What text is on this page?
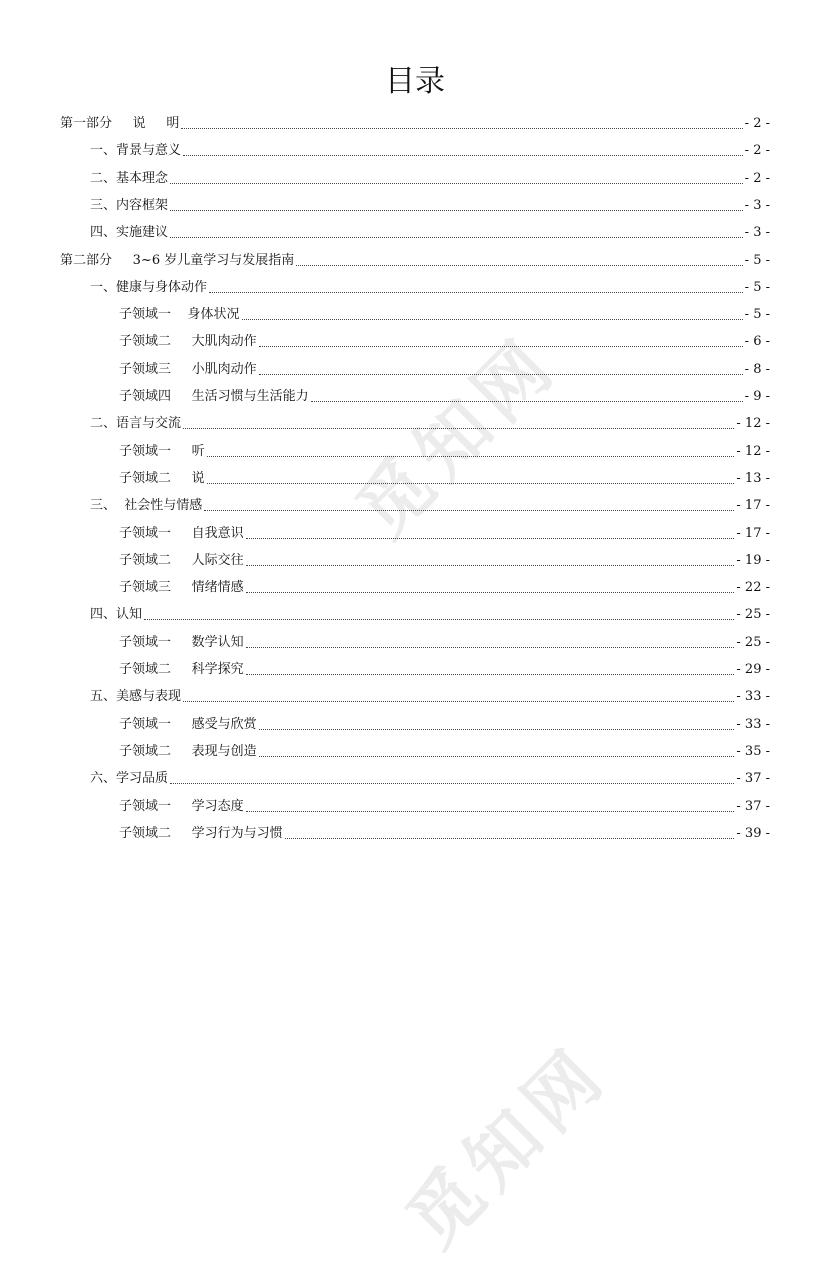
觅知网
觅知网
目录
第一部分     说     明	- 2 -
一、背景与意义	- 2 -
二、基本理念	- 2 -
三、内容框架	- 3 -
四、实施建议	- 3 -
第二部分     3~6 岁儿童学习与发展指南	- 5 -
一、健康与身体动作	- 5 -
子领域一    身体状况	- 5 -
子领域二     大肌肉动作	- 6 -
子领域三     小肌肉动作	- 8 -
子领域四     生活习惯与生活能力	- 9 -
二、语言与交流	- 12 -
子领域一     听	- 12 -
子领域二     说	- 13 -
三、  社会性与情感	- 17 -
子领域一     自我意识	- 17 -
子领域二     人际交往	- 19 -
子领域三     情绪情感	- 22 -
四、认知	- 25 -
子领域一     数学认知	- 25 -
子领域二     科学探究	- 29 -
五、美感与表现	- 33 -
子领域一     感受与欣赏	- 33 -
子领域二     表现与创造	- 35 -
六、学习品质	- 37 -
子领域一     学习态度	- 37 -
子领域二     学习行为与习惯	- 39 -
